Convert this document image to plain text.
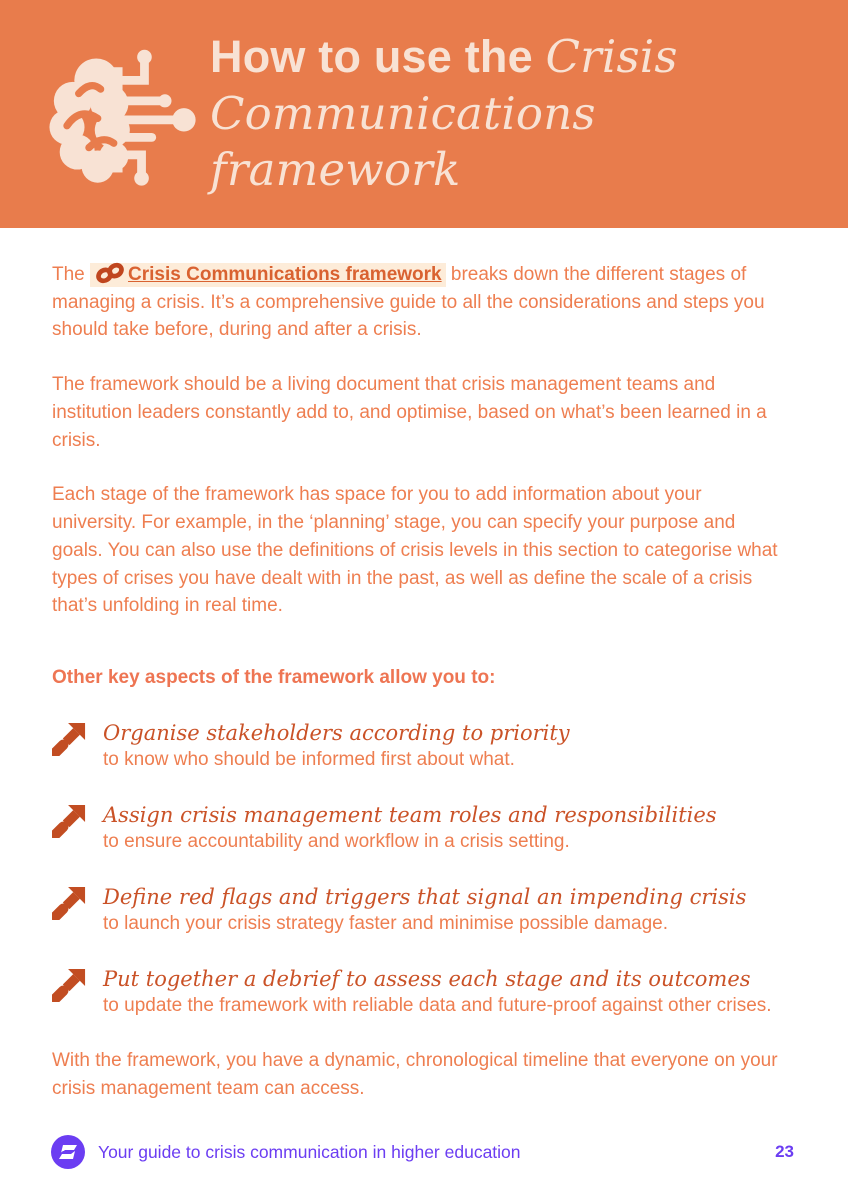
How to use the Crisis
Communications framework

The Crisis Communications framework breaks down the different stages of managing a crisis. It’s a comprehensive guide to all the considerations and steps you should take before, during and after a crisis.

The framework should be a living document that crisis management teams and institution leaders constantly add to, and optimise, based on what’s been learned in a crisis.

Each stage of the framework has space for you to add information about your university. For example, in the ‘planning’ stage, you can specify your purpose and goals. You can also use the definitions of crisis levels in this section to categorise what types of crises you have dealt with in the past, as well as define the scale of a crisis that’s unfolding in real time.

Other key aspects of the framework allow you to:
Organise stakeholders according to priority
to know who should be informed first about what.
Assign crisis management team roles and responsibilities
to ensure accountability and workflow in a crisis setting.
Define red flags and triggers that signal an impending crisis
to launch your crisis strategy faster and minimise possible damage.
Put together a debrief to assess each stage and its outcomes
to update the framework with reliable data and future-proof against other crises.

With the framework, you have a dynamic, chronological timeline that everyone on your crisis management team can access.

Your guide to crisis communication in higher education	23
